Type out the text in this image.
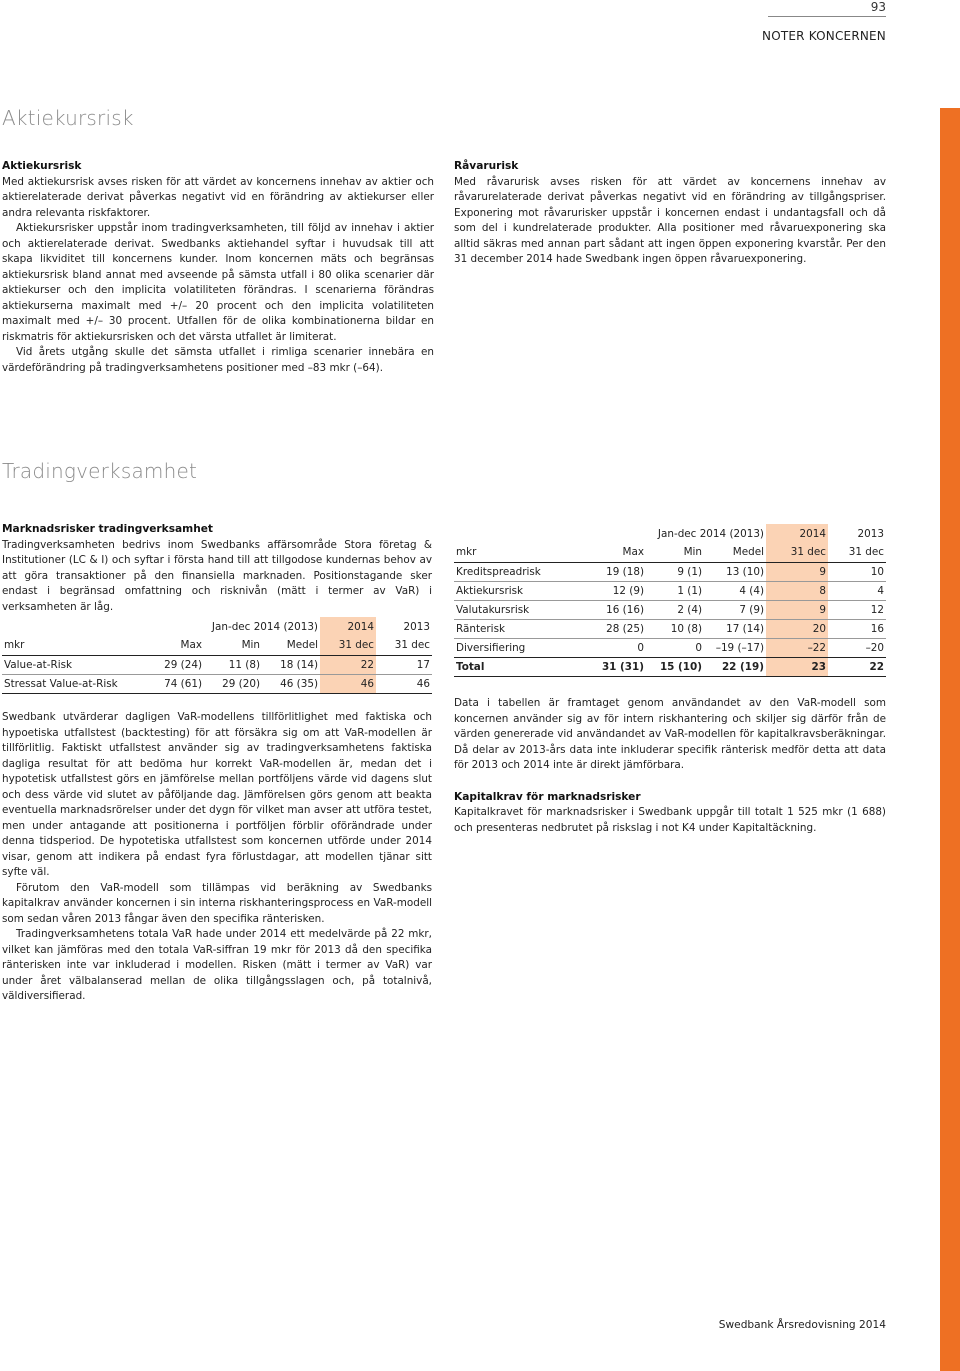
93
NOTER KONCERNEN
Aktiekursrisk
Aktiekursrisk

Med aktiekursrisk avses risken för att värdet av koncernens innehav av aktier och aktierelaterade derivat påverkas negativt vid en förändring av aktiekurser eller andra relevanta riskfaktorer.

Aktiekursrisker uppstår inom tradingverksamheten, till följd av innehav i aktier och aktierelaterade derivat. Swedbanks aktiehandel syftar i huvudsak till att skapa likviditet till koncernens kunder. Inom koncernen mäts och begränsas aktiekursrisk bland annat med avseende på sämsta utfall i 80 olika scenarier där aktiekurser och den implicita volatiliteten förändras. I scenarierna förändras aktiekurserna maximalt med +/– 20 procent och den implicita volatiliteten maximalt med +/– 30 procent. Utfallen för de olika kombinationerna bildar en riskmatris för aktiekursrisken och det värsta utfallet är limiterat.

Vid årets utgång skulle det sämsta utfallet i rimliga scenarier innebära en värdeförändring på tradingverksamhetens positioner med –83 mkr (–64).

Råvarurisk

Med råvarurisk avses risken för att värdet av koncernens innehav av råvarurelaterade derivat påverkas negativt vid en förändring av tillgångspriser. Exponering mot råvarurisker uppstår i koncernen endast i undantagsfall och då som del i kundrelaterade produkter. Alla positioner med råvaruexponering ska alltid säkras med annan part sådant att ingen öppen exponering kvarstår. Per den 31 december 2014 hade Swedbank ingen öppen råvaruexponering.

Tradingverksamhet
Marknadsrisker tradingverksamhet

Tradingverksamheten bedrivs inom Swedbanks affärsområde Stora företag & Institutioner (LC & I) och syftar i första hand till att tillgodose kundernas behov av att göra transaktioner på den finansiella marknaden. Positionstagande sker endast i begränsad omfattning och risknivån (mätt i termer av VaR) i verksamheten är låg.

	Jan-dec 2014 (2013)			2014	2013
mkr	Max	Min	Medel	31 dec	31 dec
Value-at-Risk	29 (24)	11 (8)	18 (14)	22	17
Stressat Value-at-Risk	74 (61)	29 (20)	46 (35)	46	46

Swedbank utvärderar dagligen VaR-modellens tillförlitlighet med faktiska och hypoetiska utfallstest (backtesting) för att försäkra sig om att VaR-modellen är tillförlitlig. Faktiskt utfallstest använder sig av tradingverksamhetens faktiska dagliga resultat för att bedöma hur korrekt VaR-modellen är, medan det i hypotetisk utfallstest görs en jämförelse mellan portföljens värde vid dagens slut och dess värde vid slutet av påföljande dag. Jämförelsen görs genom att beakta eventuella marknadsrörelser under det dygn för vilket man avser att utföra testet, men under antagande att positionerna i portföljen förblir oförändrade under denna tidsperiod. De hypotetiska utfallstest som koncernen utförde under 2014 visar, genom att indikera på endast fyra förlustdagar, att modellen tjänar sitt syfte väl.

Förutom den VaR-modell som tillämpas vid beräkning av Swedbanks kapitalkrav använder koncernen i sin interna riskhanteringsprocess en VaR-modell som sedan våren 2013 fångar även den specifika ränterisken.

Tradingverksamhetens totala VaR hade under 2014 ett medelvärde på 22 mkr, vilket kan jämföras med den totala VaR-siffran 19 mkr för 2013 då den specifika ränterisken inte var inkluderad i modellen. Risken (mätt i termer av VaR) var under året välbalanserad mellan de olika tillgångsslagen och, på totalnivå, väldiversifierad.

	Jan-dec 2014 (2013)			2014	2013
mkr	Max	Min	Medel	31 dec	31 dec
Kreditspreadrisk	19 (18)	9 (1)	13 (10)	9	10
Aktiekursrisk	12 (9)	1 (1)	4 (4)	8	4
Valutakursrisk	16 (16)	2 (4)	7 (9)	9	12
Ränterisk	28 (25)	10 (8)	17 (14)	20	16
Diversifiering	0	0	–19 (–17)	–22	–20
Total	31 (31)	15 (10)	22 (19)	23	22

Data i tabellen är framtaget genom användandet av den VaR-modell som koncernen använder sig av för intern riskhantering och skiljer sig därför från de värden genererade vid användandet av VaR-modellen för kapitalkravsberäkningar. Då delar av 2013-års data inte inkluderar specifik ränterisk medför detta att data för 2013 och 2014 inte är direkt jämförbara.

Kapitalkrav för marknadsrisker

Kapitalkravet för marknadsrisker i Swedbank uppgår till totalt 1 525 mkr (1 688) och presenteras nedbrutet på riskslag i not K4 under Kapitaltäckning.

Swedbank Årsredovisning 2014
